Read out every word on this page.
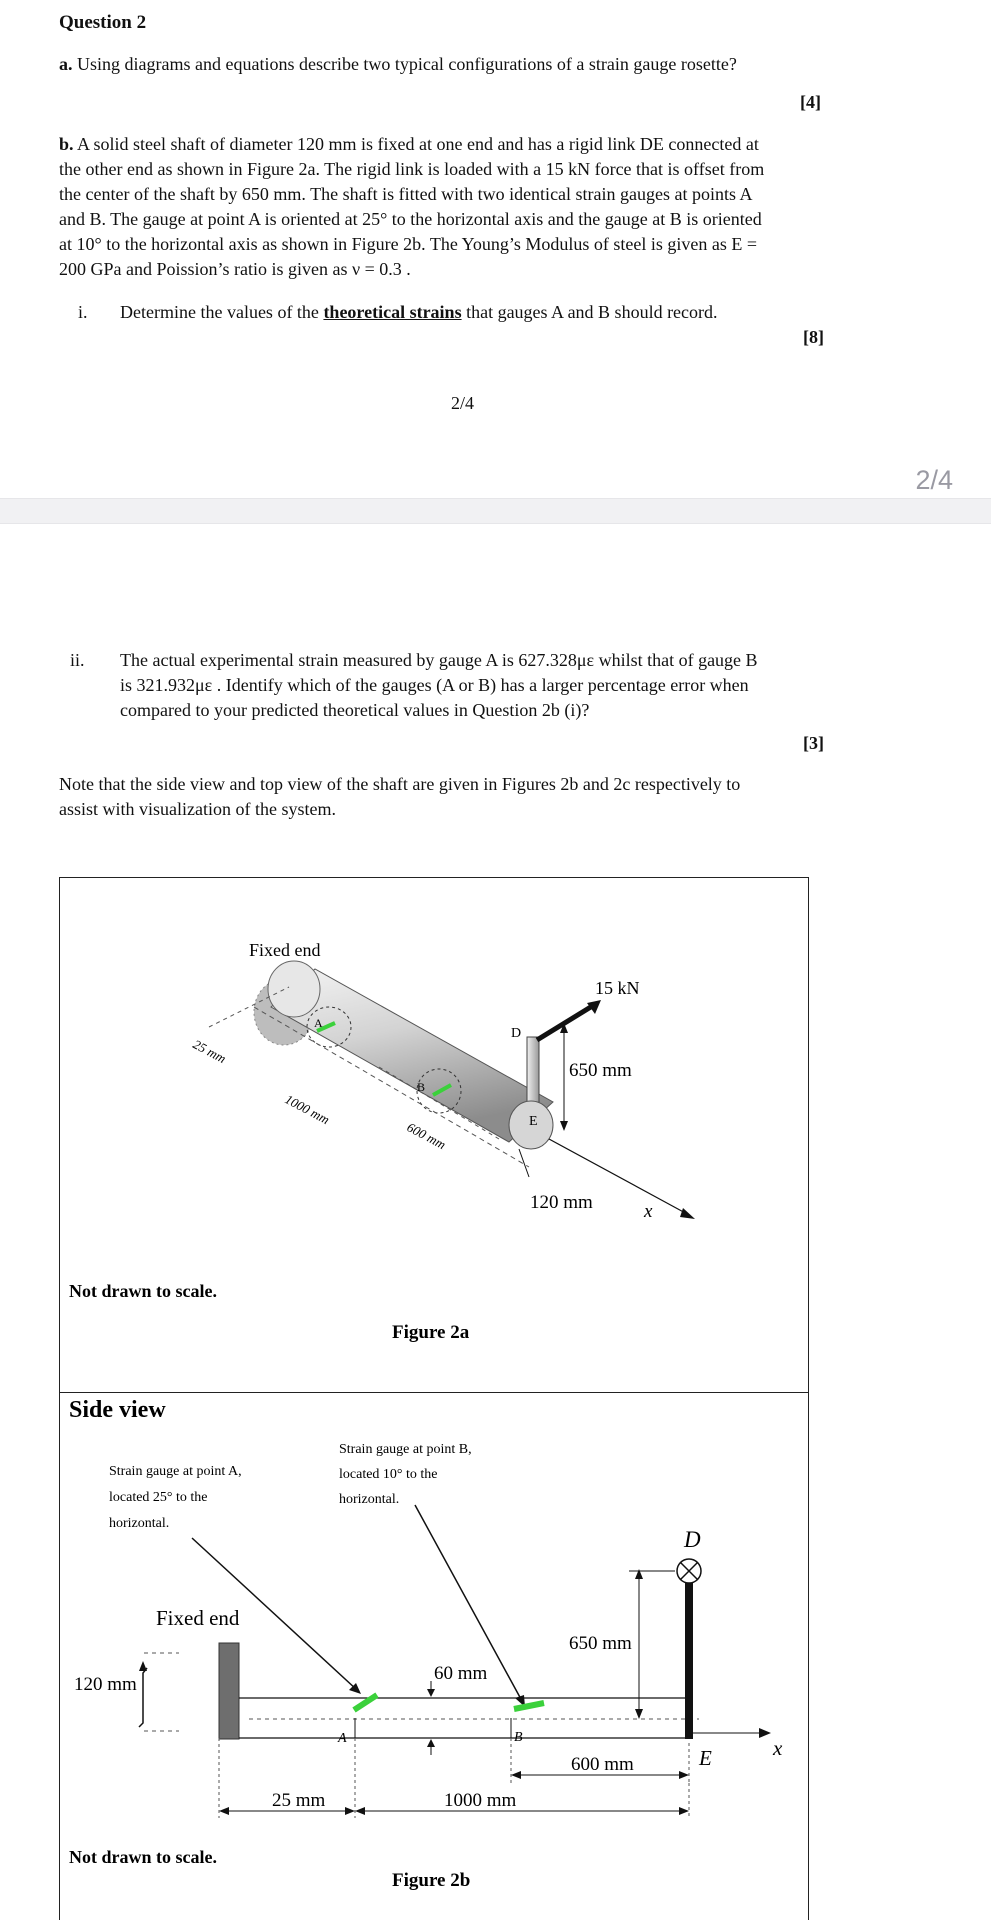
Question 2
a. Using diagrams and equations describe two typical configurations of a strain gauge rosette?
[4]
b. A solid steel shaft of diameter 120 mm is fixed at one end and has a rigid link DE connected at
the other end as shown in Figure 2a. The rigid link is loaded with a 15 kN force that is offset from
the center of the shaft by 650 mm. The shaft is fitted with two identical strain gauges at points A
and B. The gauge at point A is oriented at 25° to the horizontal axis and the gauge at B is oriented
at 10° to the horizontal axis as shown in Figure 2b. The Young’s Modulus of steel is given as E =
200 GPa and Poission’s ratio is given as ν = 0.3 .
i. Determine the values of the theoretical strains that gauges A and B should record.
[8]
2/4
2/4
ii. The actual experimental strain measured by gauge A is 627.328με whilst that of gauge B
is 321.932με . Identify which of the gauges (A or B) has a larger percentage error when
compared to your predicted theoretical values in Question 2b (i)?
[3]
Note that the side view and top view of the shaft are given in Figures 2b and 2c respectively to
assist with visualization of the system.
Fixed end
15 kN
650 mm
E
D
A
B
120 mm	x
25 mm
1000 mm
600 mm
Not drawn to scale.
Figure 2a
Side view
Strain gauge at point A,
located 25° to the
horizontal.
Strain gauge at point B,
located 10° to the
horizontal.
Fixed end
120 mm
A	B
60 mm
D
650 mm
E	x
600 mm
25 mm	1000 mm
Not drawn to scale.
Figure 2b
